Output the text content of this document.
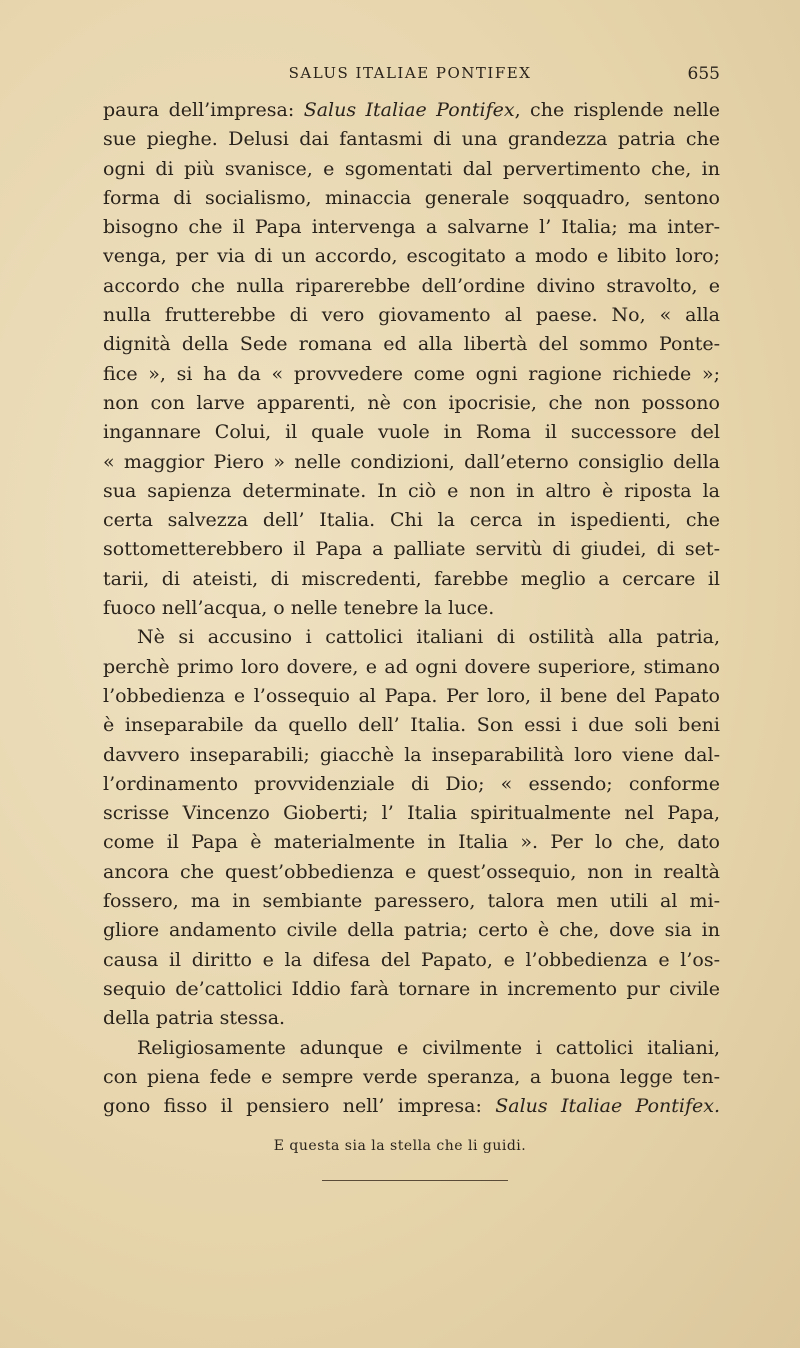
SALUS ITALIAE PONTIFEX	655
paura dell’impresa: Salus Italiae Pontifex, che risplende nelle
sue pieghe. Delusi dai fantasmi di una grandezza patria che
ogni di più svanisce, e sgomentati dal pervertimento che, in
forma di socialismo, minaccia generale soqquadro, sentono
bisogno che il Papa intervenga a salvarne l’ Italia; ma inter-
venga, per via di un accordo, escogitato a modo e libito loro;
accordo che nulla riparerebbe dell’ordine divino stravolto, e
nulla frutterebbe di vero giovamento al paese. No, « alla
dignità della Sede romana ed alla libertà del sommo Ponte-
fice », si ha da « provvedere come ogni ragione richiede »;
non con larve apparenti, nè con ipocrisie, che non possono
ingannare Colui, il quale vuole in Roma il successore del
« maggior Piero » nelle condizioni, dall’eterno consiglio della
sua sapienza determinate. In ciò e non in altro è riposta la
certa salvezza dell’ Italia. Chi la cerca in ispedienti, che
sottometterebbero il Papa a palliate servitù di giudei, di set-
tarii, di ateisti, di miscredenti, farebbe meglio a cercare il
fuoco nell’acqua, o nelle tenebre la luce.
Nè si accusino i cattolici italiani di ostilità alla patria,
perchè primo loro dovere, e ad ogni dovere superiore, stimano
l’obbedienza e l’ossequio al Papa. Per loro, il bene del Papato
è inseparabile da quello dell’ Italia. Son essi i due soli beni
davvero inseparabili; giacchè la inseparabilità loro viene dal-
l’ordinamento provvidenziale di Dio; « essendo; conforme
scrisse Vincenzo Gioberti; l’ Italia spiritualmente nel Papa,
come il Papa è materialmente in Italia ». Per lo che, dato
ancora che quest’obbedienza e quest’ossequio, non in realtà
fossero, ma in sembiante paressero, talora men utili al mi-
gliore andamento civile della patria; certo è che, dove sia in
causa il diritto e la difesa del Papato, e l’obbedienza e l’os-
sequio de’cattolici Iddio farà tornare in incremento pur civile
della patria stessa.
Religiosamente adunque e civilmente i cattolici italiani,
con piena fede e sempre verde speranza, a buona legge ten-
gono fisso il pensiero nell’ impresa: Salus Italiae Pontifex.
E questa sia la stella che li guidi.
